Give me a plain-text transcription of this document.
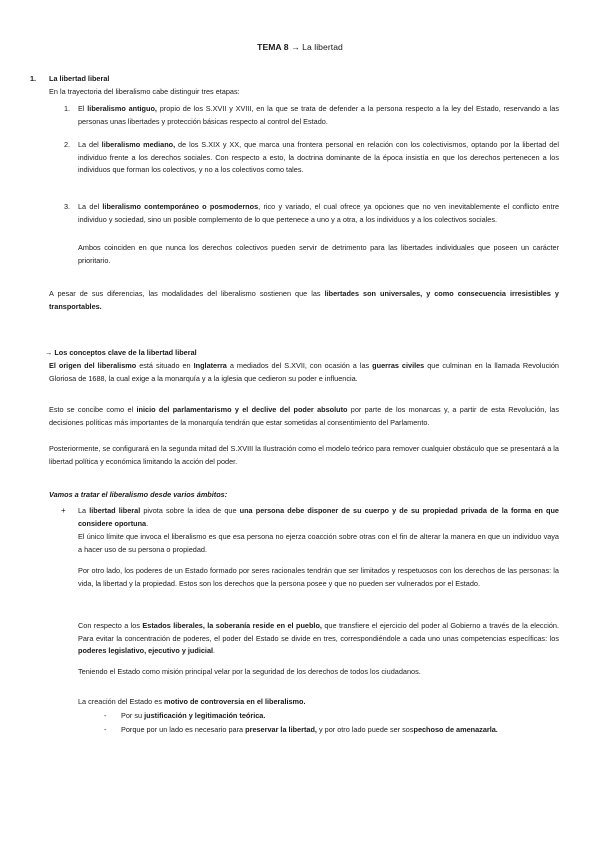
TEMA 8 → La libertad
1. La libertad liberal
En la trayectoria del liberalismo cabe distinguir tres etapas:
1. El liberalismo antiguo, propio de los S.XVII y XVIII, en la que se trata de defender a la persona respecto a la ley del Estado, reservando a las personas unas libertades y protección básicas respecto al control del Estado.
2. La del liberalismo mediano, de los S.XIX y XX, que marca una frontera personal en relación con los colectivismos, optando por la libertad del individuo frente a los derechos sociales. Con respecto a esto, la doctrina dominante de la época insistía en que los derechos pertenecen a los individuos que forman los colectivos, y no a los colectivos como tales.
3. La del liberalismo contemporáneo o posmodernos, rico y variado, el cual ofrece ya opciones que no ven inevitablemente el conflicto entre individuo y sociedad, sino un posible complemento de lo que pertenece a uno y a otra, a los individuos y a los colectivos sociales.
Ambos coinciden en que nunca los derechos colectivos pueden servir de detrimento para las libertades individuales que poseen un carácter prioritario.
A pesar de sus diferencias, las modalidades del liberalismo sostienen que las libertades son universales, y como consecuencia irresistibles y transportables.
→ Los conceptos clave de la libertad liberal
El origen del liberalismo está situado en Inglaterra a mediados del S.XVII, con ocasión a las guerras civiles que culminan en la llamada Revolución Gloriosa de 1688, la cual exige a la monarquía y a la iglesia que cedieron su poder e influencia.
Esto se concibe como el inicio del parlamentarismo y el declive del poder absoluto por parte de los monarcas y, a partir de esta Revolución, las decisiones políticas más importantes de la monarquía tendrán que estar sometidas al consentimiento del Parlamento.
Posteriormente, se configurará en la segunda mitad del S.XVIII la Ilustración como el modelo teórico para remover cualquier obstáculo que se presentará a la libertad política y económica limitando la acción del poder.
Vamos a tratar el liberalismo desde varios ámbitos:
+ La libertad liberal pivota sobre la idea de que una persona debe disponer de su cuerpo y de su propiedad privada de la forma en que considere oportuna.
El único límite que invoca el liberalismo es que esa persona no ejerza coacción sobre otras con el fin de alterar la manera en que un individuo vaya a hacer uso de su persona o propiedad.
Por otro lado, los poderes de un Estado formado por seres racionales tendrán que ser limitados y respetuosos con los derechos de las personas: la vida, la libertad y la propiedad. Estos son los derechos que la persona posee y que no pueden ser vulnerados por el Estado.
Con respecto a los Estados liberales, la soberanía reside en el pueblo, que transfiere el ejercicio del poder al Gobierno a través de la elección. Para evitar la concentración de poderes, el poder del Estado se divide en tres, correspondiéndole a cada uno unas competencias específicas: los poderes legislativo, ejecutivo y judicial.
Teniendo el Estado como misión principal velar por la seguridad de los derechos de todos los ciudadanos.
La creación del Estado es motivo de controversia en el liberalismo.
- Por su justificación y legitimación teórica.
- Porque por un lado es necesario para preservar la libertad, y por otro lado puede ser sospechoso de amenazarla.
